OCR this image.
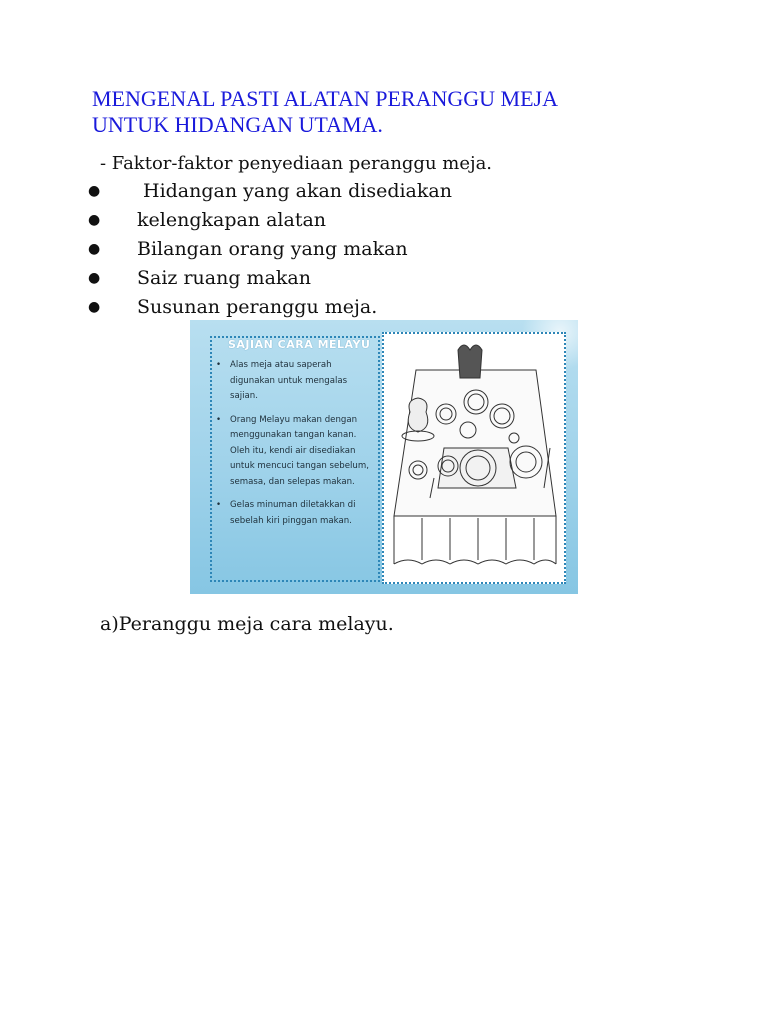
MENGENAL PASTI ALATAN PERANGGU MEJA
UNTUK HIDANGAN UTAMA.

- Faktor-faktor penyediaan peranggu meja.

● Hidangan yang akan disediakan
● kelengkapan alatan
● Bilangan orang yang makan
● Saiz ruang makan
● Susunan peranggu meja.
SAJIAN CARA MELAYU
• Alas meja atau saperah digunakan untuk mengalas sajian.
• Orang Melayu makan dengan menggunakan tangan kanan. Oleh itu, kendi air disediakan untuk mencuci tangan sebelum, semasa, dan selepas makan.
• Gelas minuman diletakkan di sebelah kiri pinggan makan.

a)Peranggu meja cara melayu.
